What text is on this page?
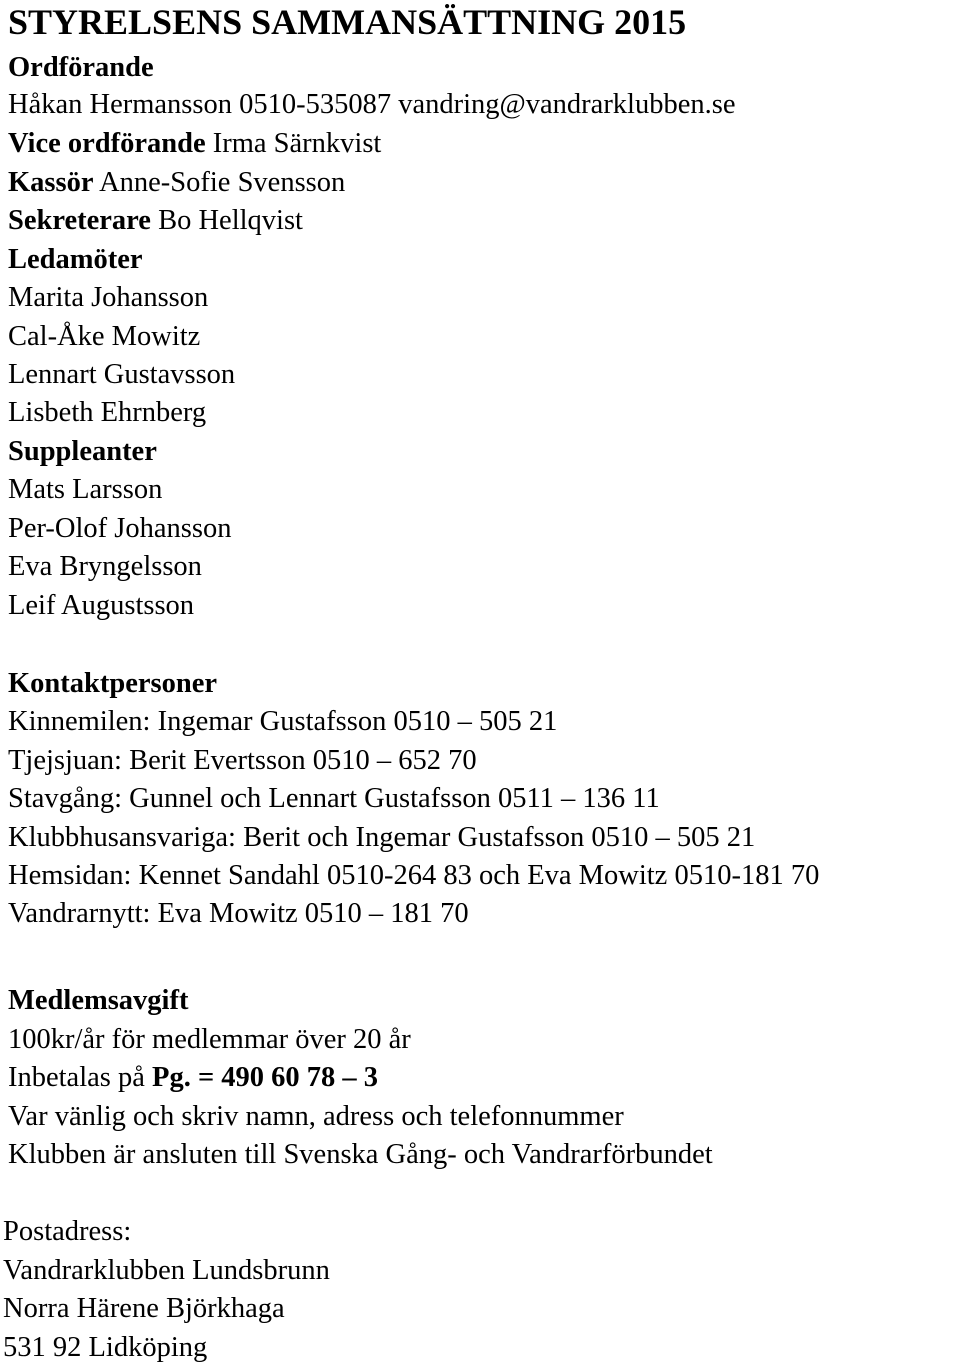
STYRELSENS SAMMANSÄTTNING 2015
Ordförande
Håkan Hermansson 0510-535087 vandring@vandrarklubben.se
Vice ordförande Irma Särnkvist
Kassör Anne-Sofie Svensson
Sekreterare Bo Hellqvist
Ledamöter
Marita Johansson
Cal-Åke Mowitz
Lennart Gustavsson
Lisbeth Ehrnberg
Suppleanter
Mats Larsson
Per-Olof Johansson
Eva Bryngelsson
Leif Augustsson
Kontaktpersoner
Kinnemilen: Ingemar Gustafsson 0510 – 505 21
Tjejsjuan: Berit Evertsson 0510 – 652 70
Stavgång: Gunnel och Lennart Gustafsson 0511 – 136 11
Klubbhusansvariga: Berit och Ingemar Gustafsson 0510 – 505 21
Hemsidan: Kennet Sandahl 0510-264 83 och Eva Mowitz 0510-181 70
Vandrarnytt: Eva Mowitz 0510 – 181 70
Medlemsavgift
100kr/år för medlemmar över 20 år
Inbetalas på Pg. = 490 60 78 – 3
Var vänlig och skriv namn, adress och telefonnummer
Klubben är ansluten till Svenska Gång- och Vandrarförbundet
Postadress:
Vandrarklubben Lundsbrunn
Norra Härene Björkhaga
531 92 Lidköping
